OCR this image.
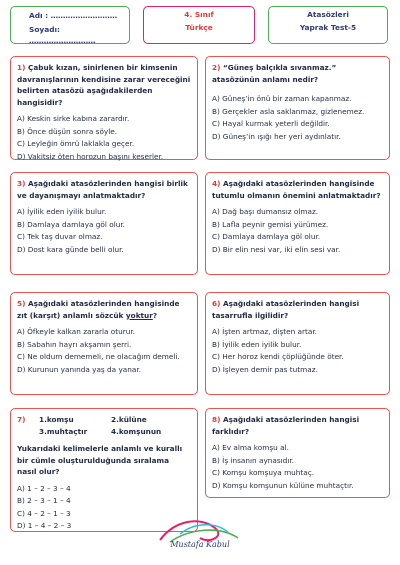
Adı : ………………………
Soyadı: ………………………
4. Sınıf
Türkçe
Atasözleri
Yaprak Test-5
1) Çabuk kızan, sinirlenen bir kimsenin davranışlarının kendisine zarar vereceğini belirten atasözü aşağıdakilerden hangisidir?
A) Keskin sirke kabına zarardır.
B) Önce düşün sonra söyle.
C) Leyleğin ömrü laklakla geçer.
D) Vakitsiz öten horozun başını keserler.
2) “Güneş balçıkla sıvanmaz.” atasözünün anlamı nedir?
A) Güneş’in önü bir zaman kapanmaz.
B) Gerçekler asla saklanmaz, gizlenemez.
C) Hayal kurmak yeterli değildir.
D) Güneş’in ışığı her yeri aydınlatır.
3) Aşağıdaki atasözlerinden hangisi birlik ve dayanışmayı anlatmaktadır?
A) İyilik eden iyilik bulur.
B) Damlaya damlaya göl olur.
C) Tek taş duvar olmaz.
D) Dost kara günde belli olur.
4) Aşağıdaki atasözlerinden hangisinde tutumlu olmanın önemini anlatmaktadır?
A) Dağ başı dumansız olmaz.
B) Lafla peynir gemisi yürümez.
C) Damlaya damlaya göl olur.
D) Bir elin nesi var, iki elin sesi var.
5) Aşağıdaki atasözlerinden hangisinde zıt (karşıt) anlamlı sözcük yoktur?
A) Öfkeyle kalkan zararla oturur.
B) Sabahın hayrı akşamın şerri.
C) Ne oldum dememeli, ne olacağım demeli.
D) Kurunun yanında yaş da yanar.
6) Aşağıdaki atasözlerinden hangisi tasarrufla ilgilidir?
A) İşten artmaz, dişten artar.
B) İyilik eden iyilik bulur.
C) Her horoz kendi çöplüğünde öter.
D) İşleyen demir pas tutmaz.
7)	1.komşu	2.külüne
3.muhtaçtır	4.komşunun
Yukarıdaki kelimelerle anlamlı ve kurallı bir cümle oluşturulduğunda sıralama nasıl olur?
A) 1 – 2 – 3 – 4
B) 2 – 3 – 1 – 4
C) 4 – 2 – 1 – 3
D) 1 – 4 – 2 – 3
8) Aşağıdaki atasözlerinden hangisi farklıdır?
A) Ev alma komşu al.
B) İş insanın aynasıdır.
C) Komşu komşuya muhtaç.
D) Komşu komşunun külüne muhtaçtır.
Mustafa Kabul
